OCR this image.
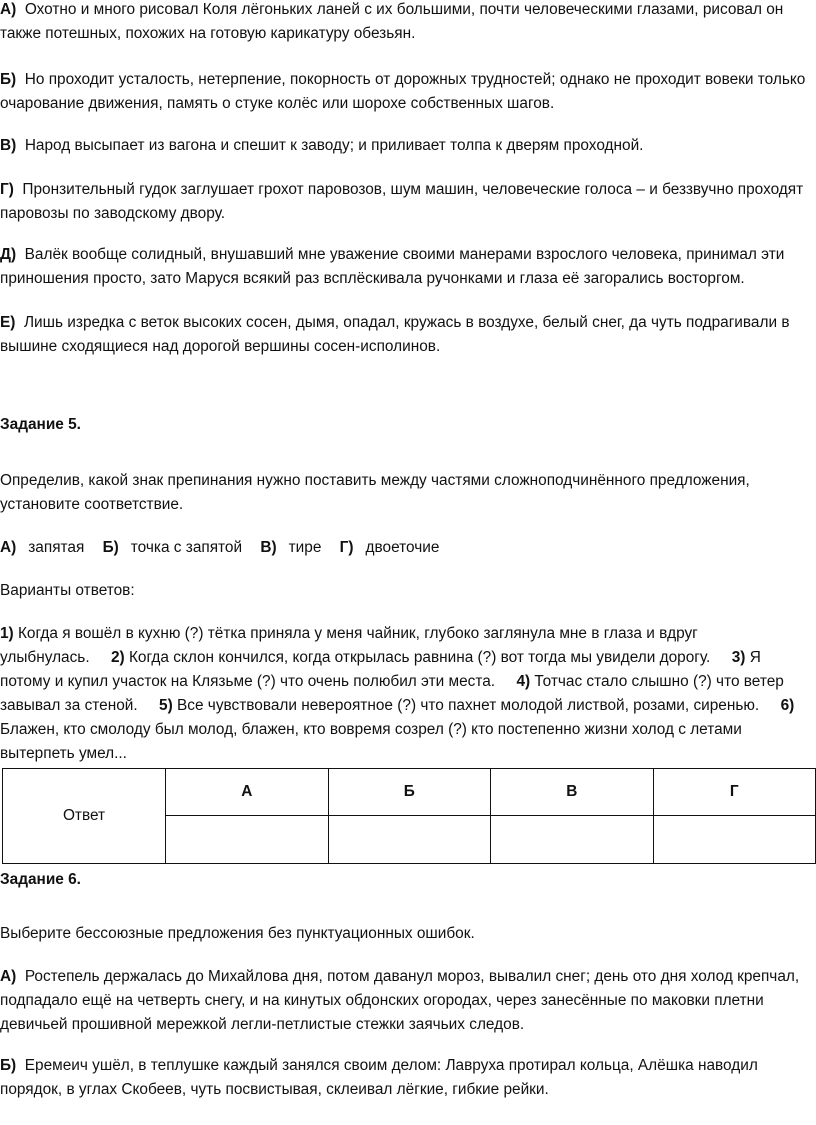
А) Охотно и много рисовал Коля лёгоньких ланей с их большими, почти человеческими глазами, рисовал он также потешных, похожих на готовую карикатуру обезьян.
Б) Но проходит усталость, нетерпение, покорность от дорожных трудностей; однако не проходит вовеки только очарование движения, память о стуке колёс или шорохе собственных шагов.
В) Народ высыпает из вагона и спешит к заводу; и приливает толпа к дверям проходной.
Г) Пронзительный гудок заглушает грохот паровозов, шум машин, человеческие голоса – и беззвучно проходят паровозы по заводскому двору.
Д) Валёк вообще солидный, внушавший мне уважение своими манерами взрослого человека, принимал эти приношения просто, зато Маруся всякий раз всплёскивала ручонками и глаза её загорались восторгом.
Е) Лишь изредка с веток высоких сосен, дымя, опадал, кружась в воздухе, белый снег, да чуть подрагивали в вышине сходящиеся над дорогой вершины сосен-исполинов.
Задание 5.
Определив, какой знак препинания нужно поставить между частями сложноподчинённого предложения, установите соответствие.
А) запятая Б) точка с запятой В) тире Г) двоеточие
Варианты ответов:
1) Когда я вошёл в кухню (?) тётка приняла у меня чайник, глубоко заглянула мне в глаза и вдруг улыбнулась. 2) Когда склон кончился, когда открылась равнина (?) вот тогда мы увидели дорогу. 3) Я потому и купил участок на Клязьме (?) что очень полюбил эти места. 4) Тотчас стало слышно (?) что ветер завывал за стеной. 5) Все чувствовали невероятное (?) что пахнет молодой листвой, розами, сиренью. 6) Блажен, кто смолоду был молод, блажен, кто вовремя созрел (?) кто постепенно жизни холод с летами вытерпеть умел...
Ответ	А	Б	В	Г

Задание 6.
Выберите бессоюзные предложения без пунктуационных ошибок.
А) Ростепель держалась до Михайлова дня, потом даванул мороз, вывалил снег; день ото дня холод крепчал, подпадало ещё на четверть снегу, и на кинутых обдонских огородах, через занесённые по маковки плетни девичьей прошивной мережкой легли-петлистые стежки заячьих следов.
Б) Еремеич ушёл, в теплушке каждый занялся своим делом: Лавруха протирал кольца, Алёшка наводил порядок, в углах Скобеев, чуть посвистывая, склеивал лёгкие, гибкие рейки.
